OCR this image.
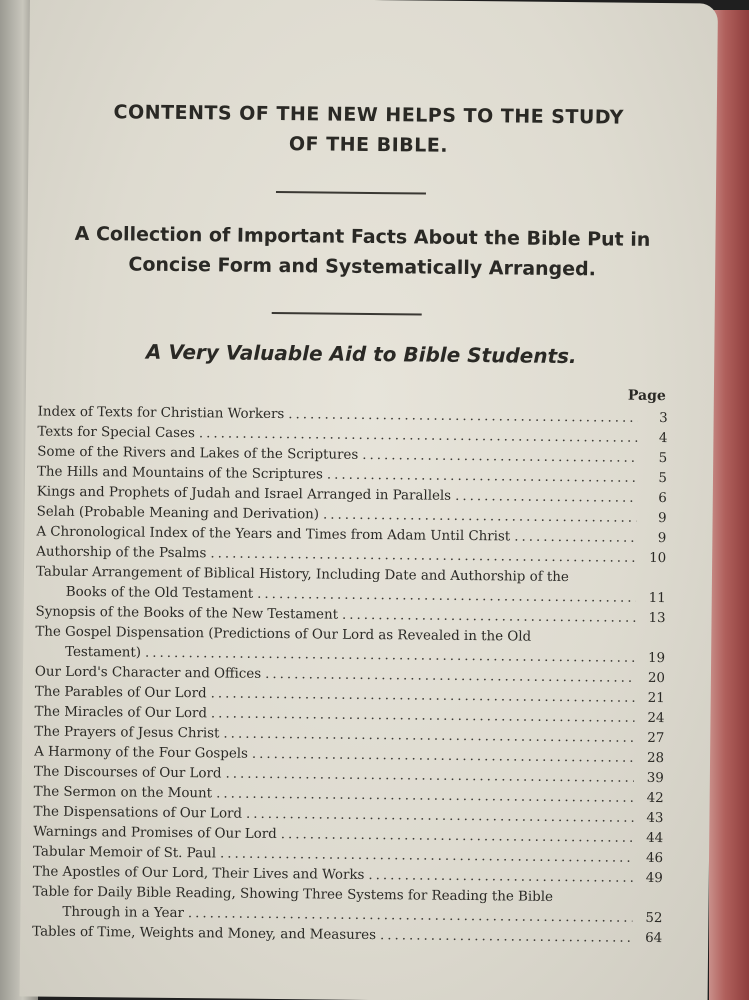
CONTENTS OF THE NEW HELPS TO THE STUDY
OF THE BIBLE.
A Collection of Important Facts About the Bible Put in
Concise Form and Systematically Arranged.
A Very Valuable Aid to Bible Students.
Page
Index of Texts for Christian Workers .....	3
Texts for Special Cases .....	4
Some of the Rivers and Lakes of the Scriptures .....	5
The Hills and Mountains of the Scriptures .....	5
Kings and Prophets of Judah and Israel Arranged in Parallels .....	6
Selah (Probable Meaning and Derivation) .....	9
A Chronological Index of the Years and Times from Adam Until Christ .....	9
Authorship of the Psalms .....	10
Tabular Arrangement of Biblical History, Including Date and Authorship of the
Books of the Old Testament .....	11
Synopsis of the Books of the New Testament .....	13
The Gospel Dispensation (Predictions of Our Lord as Revealed in the Old
Testament) .....	19
Our Lord's Character and Offices .....	20
The Parables of Our Lord .....	21
The Miracles of Our Lord .....	24
The Prayers of Jesus Christ .....	27
A Harmony of the Four Gospels .....	28
The Discourses of Our Lord .....	39
The Sermon on the Mount .....	42
The Dispensations of Our Lord .....	43
Warnings and Promises of Our Lord .....	44
Tabular Memoir of St. Paul .....	46
The Apostles of Our Lord, Their Lives and Works .....	49
Table for Daily Bible Reading, Showing Three Systems for Reading the Bible
Through in a Year .....	52
Tables of Time, Weights and Money, and Measures .....	64
